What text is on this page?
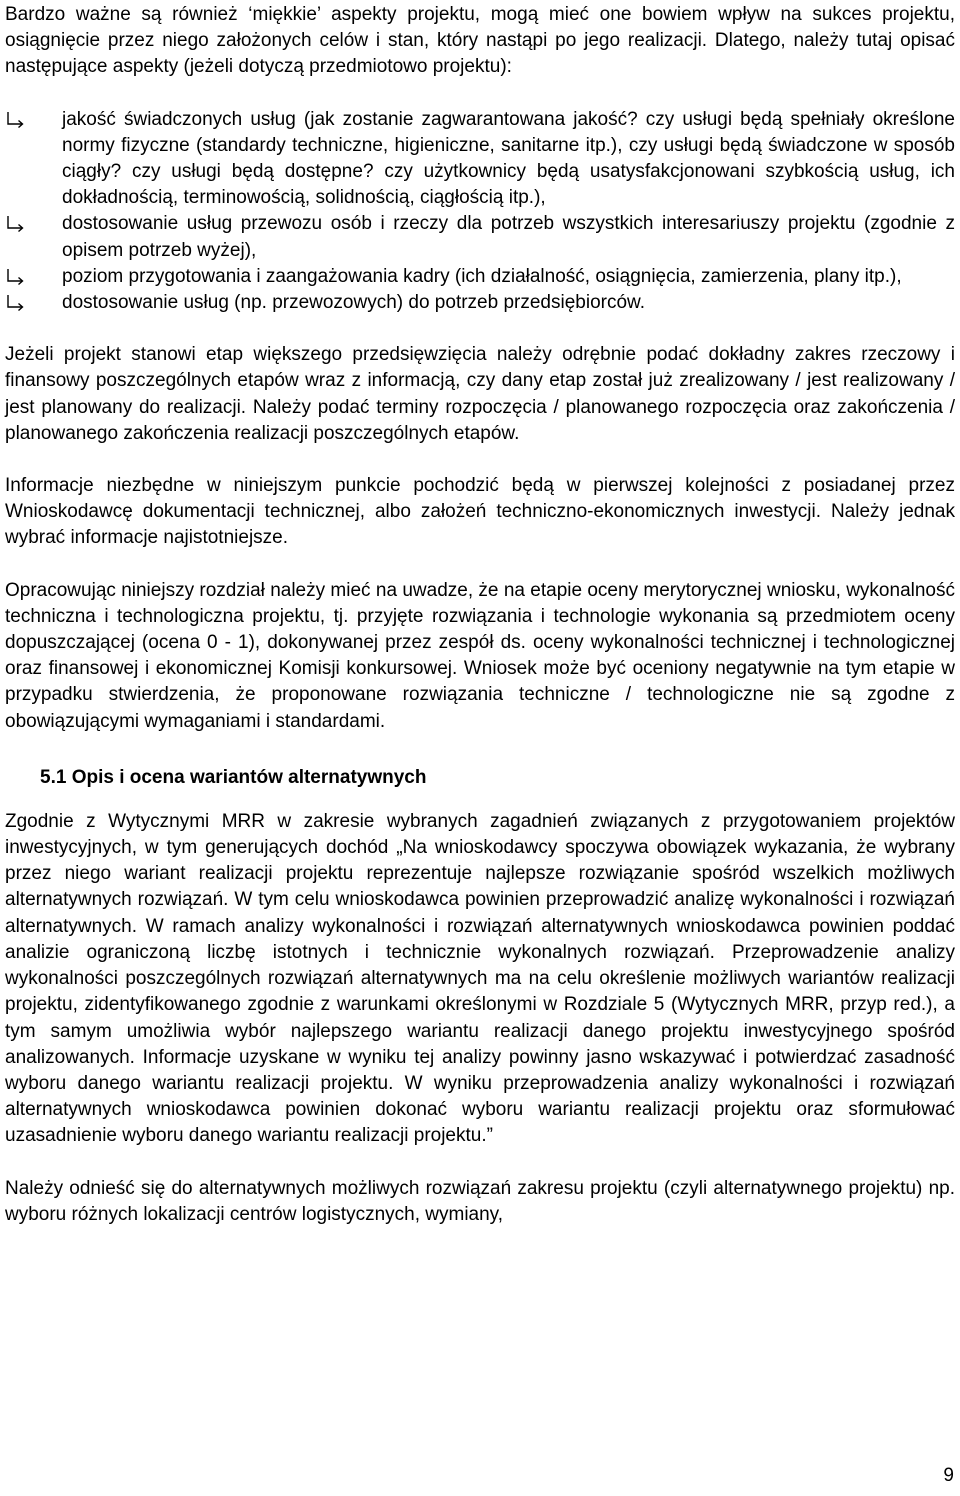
Bardzo ważne są również ‘miękkie’ aspekty projektu, mogą mieć one bowiem wpływ na sukces projektu, osiągnięcie przez niego założonych celów i stan, który nastąpi po jego realizacji. Dlatego, należy tutaj opisać następujące aspekty (jeżeli dotyczą przedmiotowo projektu):

jakość świadczonych usług (jak zostanie zagwarantowana jakość? czy usługi będą spełniały określone normy fizyczne (standardy techniczne, higieniczne, sanitarne itp.), czy usługi będą świadczone w sposób ciągły? czy usługi będą dostępne? czy użytkownicy będą usatysfakcjonowani szybkością usług, ich dokładnością, terminowością, solidnością, ciągłością itp.),
dostosowanie usług przewozu osób i rzeczy dla potrzeb wszystkich interesariuszy projektu (zgodnie z opisem potrzeb wyżej),
poziom przygotowania i zaangażowania kadry (ich działalność, osiągnięcia, zamierzenia, plany itp.),
dostosowanie usług (np. przewozowych) do potrzeb przedsiębiorców.

Jeżeli projekt stanowi etap większego przedsięwzięcia należy odrębnie podać dokładny zakres rzeczowy i finansowy poszczególnych etapów wraz z informacją, czy dany etap został już zrealizowany / jest realizowany / jest planowany do realizacji. Należy podać terminy rozpoczęcia / planowanego rozpoczęcia oraz zakończenia / planowanego zakończenia realizacji poszczególnych etapów.

Informacje niezbędne w niniejszym punkcie pochodzić będą w pierwszej kolejności z posiadanej przez Wnioskodawcę dokumentacji technicznej, albo założeń techniczno-ekonomicznych inwestycji. Należy jednak wybrać informacje najistotniejsze.

Opracowując niniejszy rozdział należy mieć na uwadze, że na etapie oceny merytorycznej wniosku, wykonalność techniczna i technologiczna projektu, tj. przyjęte rozwiązania i technologie wykonania są przedmiotem oceny dopuszczającej (ocena 0 - 1), dokonywanej przez zespół ds. oceny wykonalności technicznej i technologicznej oraz finansowej i ekonomicznej Komisji konkursowej. Wniosek może być oceniony negatywnie na tym etapie w przypadku stwierdzenia, że proponowane rozwiązania techniczne / technologiczne nie są zgodne z obowiązującymi wymaganiami i standardami.

5.1 Opis i ocena wariantów alternatywnych

Zgodnie z Wytycznymi MRR w zakresie wybranych zagadnień związanych z przygotowaniem projektów inwestycyjnych, w tym generujących dochód „Na wnioskodawcy spoczywa obowiązek wykazania, że wybrany przez niego wariant realizacji projektu reprezentuje najlepsze rozwiązanie spośród wszelkich możliwych alternatywnych rozwiązań. W tym celu wnioskodawca powinien przeprowadzić analizę wykonalności i rozwiązań alternatywnych. W ramach analizy wykonalności i rozwiązań alternatywnych wnioskodawca powinien poddać analizie ograniczoną liczbę istotnych i technicznie wykonalnych rozwiązań. Przeprowadzenie analizy wykonalności poszczególnych rozwiązań alternatywnych ma na celu określenie możliwych wariantów realizacji projektu, zidentyfikowanego zgodnie z warunkami określonymi w Rozdziale 5 (Wytycznych MRR, przyp red.), a tym samym umożliwia wybór najlepszego wariantu realizacji danego projektu inwestycyjnego spośród analizowanych. Informacje uzyskane w wyniku tej analizy powinny jasno wskazywać i potwierdzać zasadność wyboru danego wariantu realizacji projektu. W wyniku przeprowadzenia analizy wykonalności i rozwiązań alternatywnych wnioskodawca powinien dokonać wyboru wariantu realizacji projektu oraz sformułować uzasadnienie wyboru danego wariantu realizacji projektu.”

Należy odnieść się do alternatywnych możliwych rozwiązań zakresu projektu (czyli alternatywnego projektu) np. wyboru różnych lokalizacji centrów logistycznych, wymiany,

9
